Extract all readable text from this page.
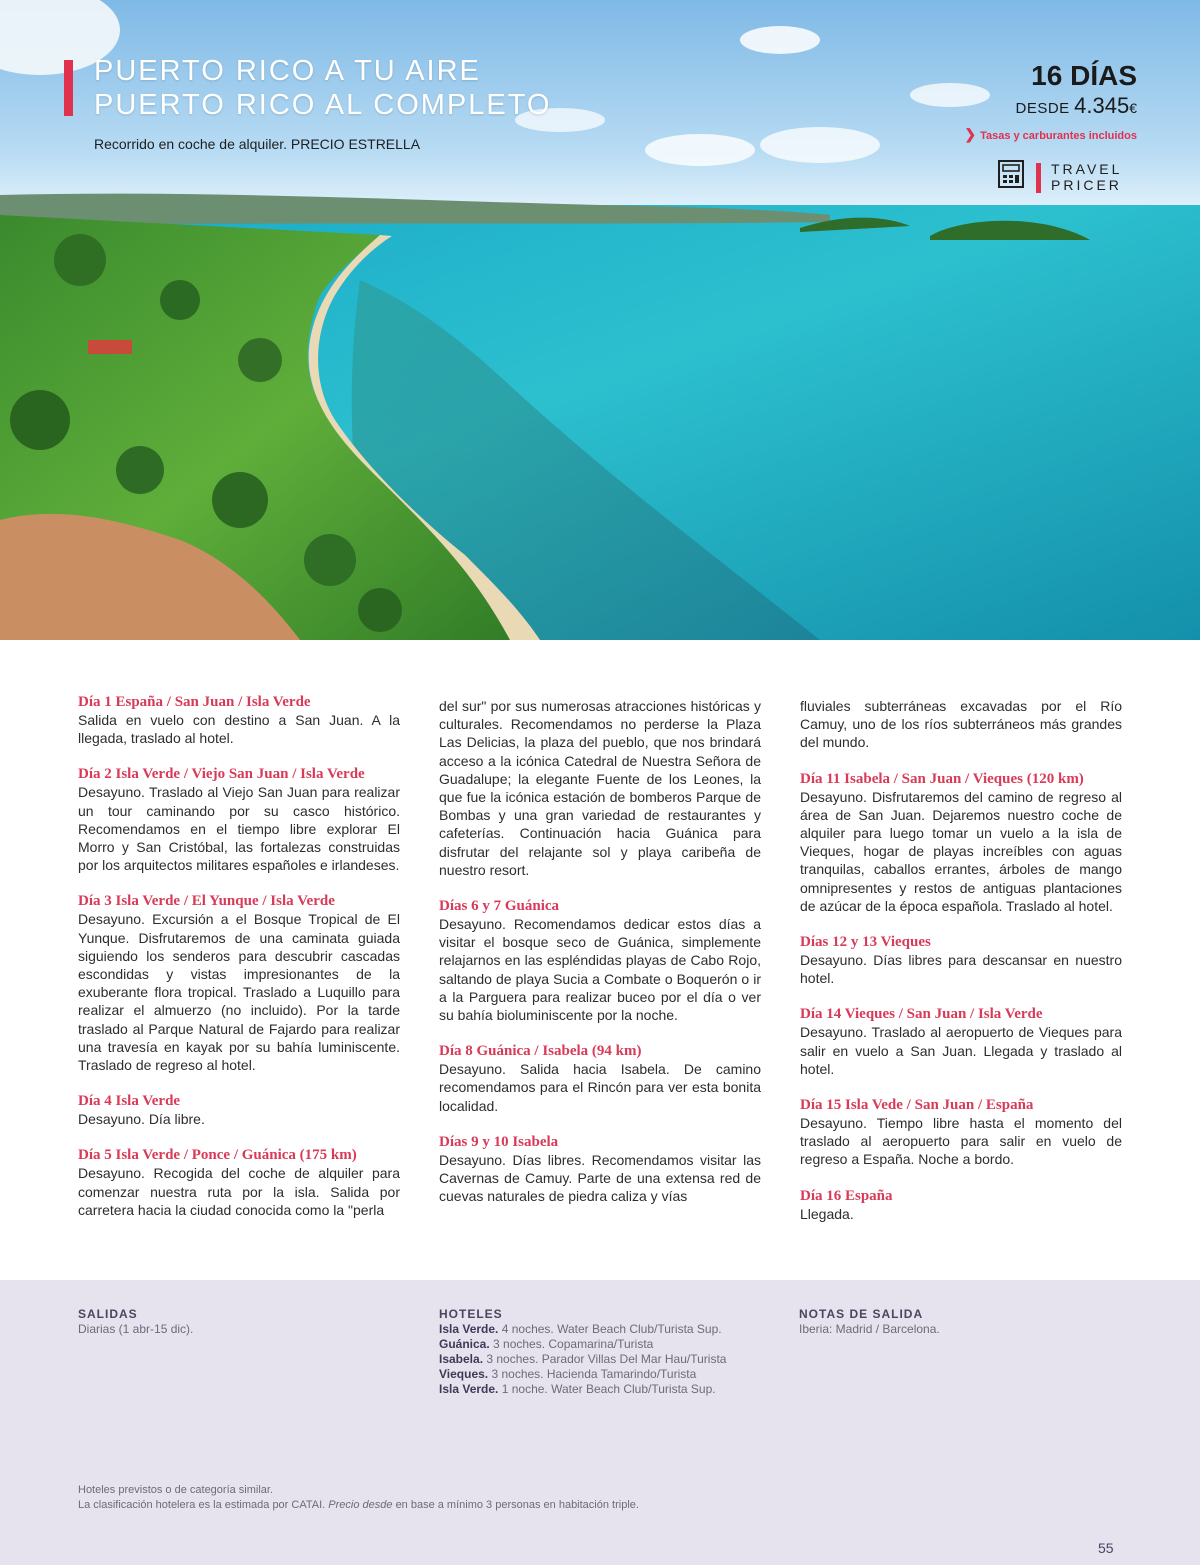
PUERTO RICO A TU AIRE
PUERTO RICO AL COMPLETO
Recorrido en coche de alquiler. PRECIO ESTRELLA
16 DÍAS
DESDE 4.345€
❯ Tasas y carburantes incluidos
TRAVEL
PRICER
Día 1 España / San Juan / Isla Verde

Salida en vuelo con destino a San Juan. A la llegada, traslado al hotel.

Día 2 Isla Verde / Viejo San Juan / Isla Verde

Desayuno. Traslado al Viejo San Juan para realizar un tour caminando por su casco histórico. Recomendamos en el tiempo libre explorar El Morro y San Cristóbal, las fortalezas construidas por los arquitectos militares españoles e irlandeses.

Día 3 Isla Verde / El Yunque / Isla Verde

Desayuno. Excursión a el Bosque Tropical de El Yunque. Disfrutaremos de una caminata guiada siguiendo los senderos para descubrir cascadas escondidas y vistas impresionantes de la exuberante flora tropical. Traslado a Luquillo para realizar el almuerzo (no incluido). Por la tarde traslado al Parque Natural de Fajardo para realizar una travesía en kayak por su bahía luminiscente. Traslado de regreso al hotel.

Día 4 Isla Verde

Desayuno. Día libre.

Día 5 Isla Verde / Ponce / Guánica (175 km)

Desayuno. Recogida del coche de alquiler para comenzar nuestra ruta por la isla. Salida por carretera hacia la ciudad conocida como la "perla

del sur" por sus numerosas atracciones históricas y culturales. Recomendamos no perderse la Plaza Las Delicias, la plaza del pueblo, que nos brindará acceso a la icónica Catedral de Nuestra Señora de Guadalupe; la elegante Fuente de los Leones, la que fue la icónica estación de bomberos Parque de Bombas y una gran variedad de restaurantes y cafeterías. Continuación hacia Guánica para disfrutar del relajante sol y playa caribeña de nuestro resort.

Días 6 y 7 Guánica

Desayuno. Recomendamos dedicar estos días a visitar el bosque seco de Guánica, simplemente relajarnos en las espléndidas playas de Cabo Rojo, saltando de playa Sucia a Combate o Boquerón o ir a la Parguera para realizar buceo por el día o ver su bahía bioluminiscente por la noche.

Día 8 Guánica / Isabela (94 km)

Desayuno. Salida hacia Isabela. De camino recomendamos para el Rincón para ver esta bonita localidad.

Días 9 y 10 Isabela

Desayuno. Días libres. Recomendamos visitar las Cavernas de Camuy. Parte de una extensa red de cuevas naturales de piedra caliza y vías

fluviales subterráneas excavadas por el Río Camuy, uno de los ríos subterráneos más grandes del mundo.

Día 11 Isabela / San Juan / Vieques (120 km)

Desayuno. Disfrutaremos del camino de regreso al área de San Juan. Dejaremos nuestro coche de alquiler para luego tomar un vuelo a la isla de Vieques, hogar de playas increíbles con aguas tranquilas, caballos errantes, árboles de mango omnipresentes y restos de antiguas plantaciones de azúcar de la época española. Traslado al hotel.

Días 12 y 13 Vieques

Desayuno. Días libres para descansar en nuestro hotel.

Día 14 Vieques / San Juan / Isla Verde

Desayuno. Traslado al aeropuerto de Vieques para salir en vuelo a San Juan. Llegada y traslado al hotel.

Día 15 Isla Vede / San Juan / España

Desayuno. Tiempo libre hasta el momento del traslado al aeropuerto para salir en vuelo de regreso a España. Noche a bordo.

Día 16 España

Llegada.

SALIDAS
Diarias (1 abr-15 dic).
HOTELES
Isla Verde. 4 noches. Water Beach Club/Turista Sup.
Guánica. 3 noches. Copamarina/Turista
Isabela. 3 noches. Parador Villas Del Mar Hau/Turista
Vieques. 3 noches. Hacienda Tamarindo/Turista
Isla Verde. 1 noche. Water Beach Club/Turista Sup.
NOTAS DE SALIDA
Iberia: Madrid / Barcelona.
Hoteles previstos o de categoría similar.
La clasificación hotelera es la estimada por CATAI. Precio desde en base a mínimo 3 personas en habitación triple.
55
